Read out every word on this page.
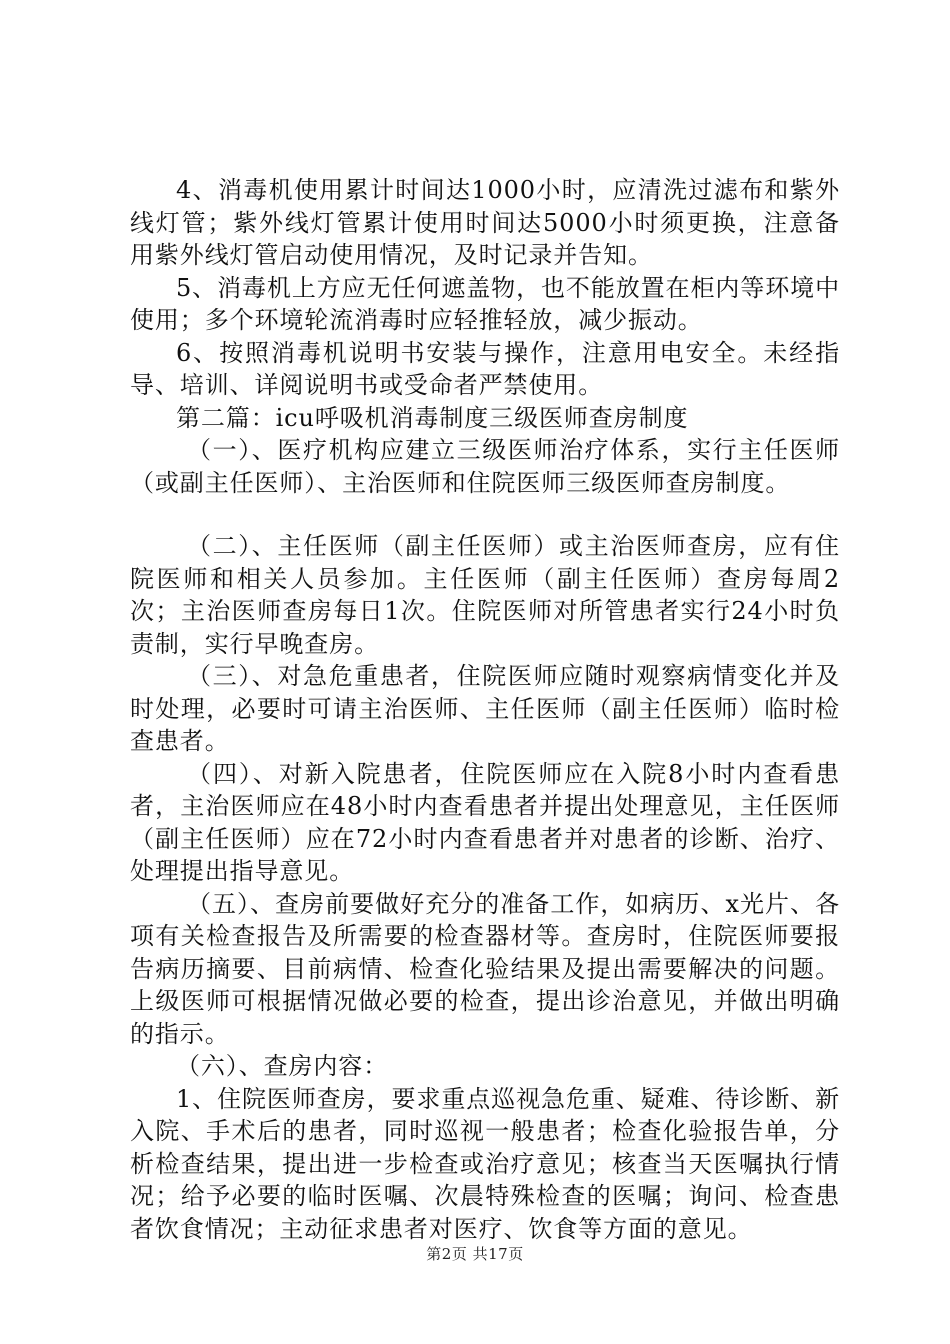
4、消毒机使用累计时间达1000小时，应清洗过滤布和紫外线灯管；紫外线灯管累计使用时间达5000小时须更换，注意备用紫外线灯管启动使用情况，及时记录并告知。

5、消毒机上方应无任何遮盖物，也不能放置在柜内等环境中使用；多个环境轮流消毒时应轻推轻放，减少振动。

6、按照消毒机说明书安装与操作，注意用电安全。未经指导、培训、详阅说明书或受命者严禁使用。

第二篇：icu呼吸机消毒制度三级医师查房制度

（一）、医疗机构应建立三级医师治疗体系，实行主任医师（或副主任医师）、主治医师和住院医师三级医师查房制度。

（二）、主任医师（副主任医师）或主治医师查房，应有住院医师和相关人员参加。主任医师（副主任医师）查房每周2次；主治医师查房每日1次。住院医师对所管患者实行24小时负责制，实行早晚查房。

（三）、对急危重患者，住院医师应随时观察病情变化并及时处理，必要时可请主治医师、主任医师（副主任医师）临时检查患者。

（四）、对新入院患者，住院医师应在入院8小时内查看患者，主治医师应在48小时内查看患者并提出处理意见，主任医师（副主任医师）应在72小时内查看患者并对患者的诊断、治疗、处理提出指导意见。

（五）、查房前要做好充分的准备工作，如病历、x光片、各项有关检查报告及所需要的检查器材等。查房时，住院医师要报告病历摘要、目前病情、检查化验结果及提出需要解决的问题。上级医师可根据情况做必要的检查，提出诊治意见，并做出明确的指示。

（六）、查房内容：

1、住院医师查房，要求重点巡视急危重、疑难、待诊断、新入院、手术后的患者，同时巡视一般患者；检查化验报告单，分析检查结果，提出进一步检查或治疗意见；核查当天医嘱执行情况；给予必要的临时医嘱、次晨特殊检查的医嘱；询问、检查患者饮食情况；主动征求患者对医疗、饮食等方面的意见。

第2页 共17页
